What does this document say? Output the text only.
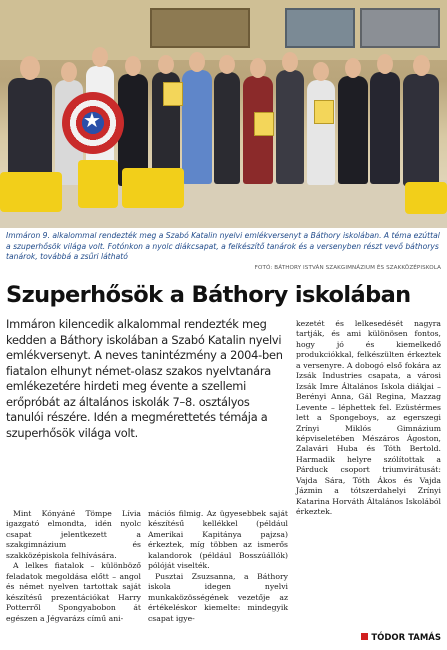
★
Immáron 9. alkalommal rendezték meg a Szabó Katalin nyelvi emlékversenyt a Báthory iskolában. A téma ezúttal a szuperhősök világa volt. Fotónkon a nyolc diákcsapat, a felkészítő tanárok és a versenyben részt vevő báthorys tanárok, továbbá a zsűri látható
FOTÓ: BÁTHORY ISTVÁN SZAKGIMNÁZIUM ÉS SZAKKÖZÉPISKOLA
Szuperhősök a Báthory iskolában
Immáron kilencedik alkalommal rendezték meg kedden a Báthory iskolában a Szabó Katalin nyelvi emlékversenyt. A neves tanintézmény a 2004-ben fiatalon elhunyt német-olasz szakos nyelvtanára emlékezetére hirdeti meg évente a szellemi erőpróbát az általános iskolák 7–8. osztályos tanulói részére. Idén a megmérettetés témája a szuperhősök világa volt.

Mint Kónyáné Tömpe Lívia igazgató elmondta, idén nyolc csapat jelentkezett a szakgimnázium és szakközépiskola felhívására.

A lelkes fiatalok – különböző feladatok megoldása előtt – angol és német nyelven tartottak saját készítésű prezentációkat Harry Potterről Spongyabobon át egészen a Jégvarázs című ani-

mációs filmig. Az ügyesebbek saját készítésű kellékkel (például Amerikai Kapitánya pajzsa) érkeztek, míg többen az ismerős kalandorok (például Bosszúállók) pólóját viselték.

Pusztai Zsuzsanna, a Báthory iskola idegen nyelvi munkaközösségének vezetője az értékeléskor kiemelte: mindegyik csapat igye-

kezetét és lelkesedését nagyra tartják, és ami különösen fontos, hogy jó és kiemelkedő produkciókkal, felkészülten érkeztek a versenyre. A dobogó első fokára az Izsák Industries csapata, a városi Izsák Imre Általános Iskola diákjai – Berényi Anna, Gál Regina, Mazzag Levente – léphettek fel. Ezüstérmes lett a Spongeboys, az egerszegi Zrínyi Miklós Gimnázium képviseletében Mészáros Ágoston, Zalavári Huba és Tóth Bertold. Harmadik helyre szólítottak a Párduck csoport triumvirátusát: Vajda Sára, Tóth Ákos és Vajda Jázmin a tótszerdahelyi Zrínyi Katarina Horváth Általános Iskolából érkeztek.

TÓDOR TAMÁS
